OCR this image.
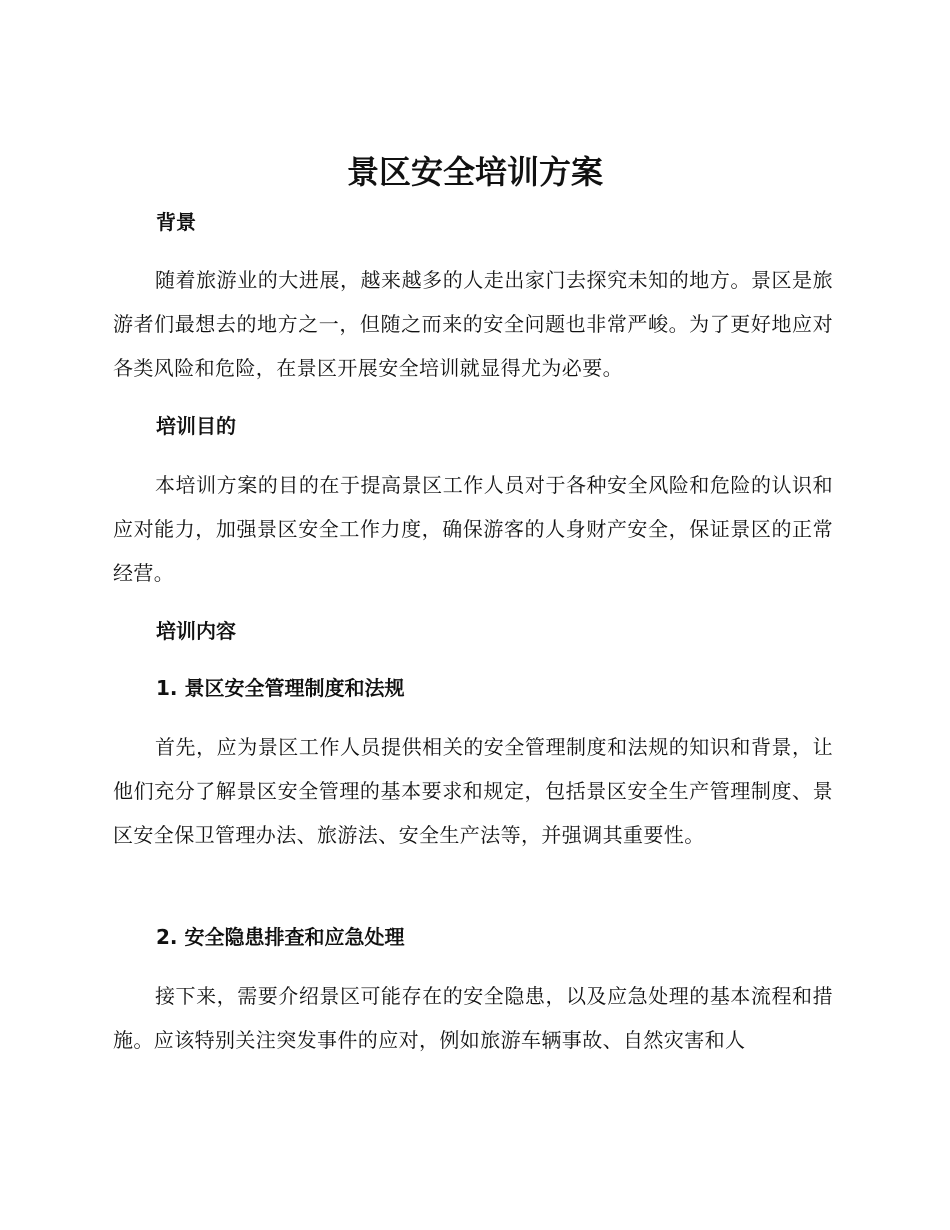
景区安全培训方案
背景

随着旅游业的大进展，越来越多的人走出家门去探究未知的地方。景区是旅游者们最想去的地方之一，但随之而来的安全问题也非常严峻。为了更好地应对各类风险和危险，在景区开展安全培训就显得尤为必要。

培训目的

本培训方案的目的在于提高景区工作人员对于各种安全风险和危险的认识和应对能力，加强景区安全工作力度，确保游客的人身财产安全，保证景区的正常经营。

培训内容
1. 景区安全管理制度和法规

首先，应为景区工作人员提供相关的安全管理制度和法规的知识和背景，让他们充分了解景区安全管理的基本要求和规定，包括景区安全生产管理制度、景区安全保卫管理办法、旅游法、安全生产法等，并强调其重要性。

2. 安全隐患排查和应急处理

接下来，需要介绍景区可能存在的安全隐患，以及应急处理的基本流程和措施。应该特别关注突发事件的应对，例如旅游车辆事故、自然灾害和人
